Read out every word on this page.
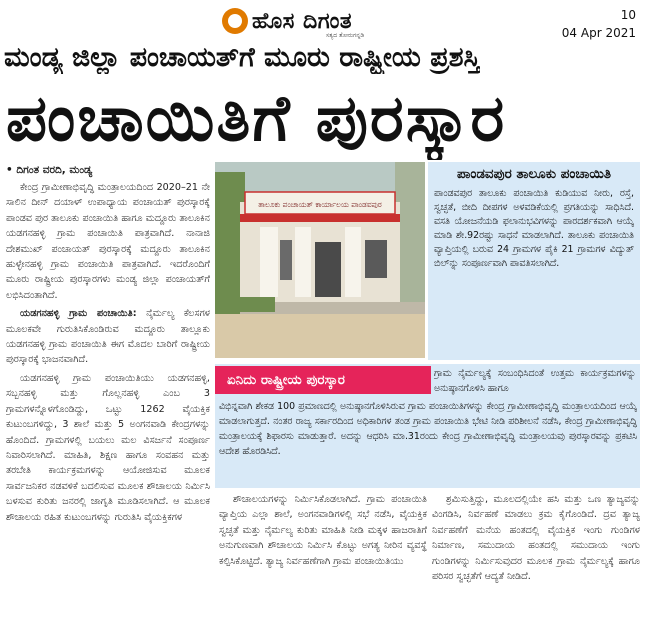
ಹೊಸ ದಿಗಂತ
ಸತ್ಯದ ತೋರುಗನ್ನಡಿ
10
04 Apr 2021
ಮಂಡ್ಯ ಜಿಲ್ಲಾ ಪಂಚಾಯತ್‌ಗೆ ಮೂರು ರಾಷ್ಟ್ರೀಯ ಪ್ರಶಸ್ತಿ
ಪಂಚಾಯಿತಿಗೆ ಪುರಸ್ಕಾರ
• ದಿಗಂತ ವರದಿ, ಮಂಡ್ಯ

ಕೇಂದ್ರ ಗ್ರಾಮೀಣಾಭಿವೃದ್ಧಿ ಮಂತ್ರಾಲಯದಿಂದ 2020–21 ನೇ ಸಾಲಿನ ದೀನ್ ದಯಾಳ್ ಉಪಾಧ್ಯಾಯ ಪಂಚಾಯತ್ ಪುರಸ್ಕಾರಕ್ಕೆ ಪಾಂಡವ ಪುರ ತಾಲೂಕು ಪಂಚಾಯಿತಿ ಹಾಗೂ ಮದ್ದೂರು ತಾಲೂಕಿನ ಯಡಗನಹಳ್ಳಿ ಗ್ರಾಮ ಪಂಚಾಯಿತಿ ಪಾತ್ರವಾಗಿದೆ. ನಾನಾಜಿ ದೇಶಮುಖ್ ಪಂಚಾಯತ್ ಪುರಸ್ಕಾರಕ್ಕೆ ಮದ್ದೂರು ತಾಲೂಕಿನ ಹುಳ್ಳೇನಹಳ್ಳಿ ಗ್ರಾಮ ಪಂಚಾಯಿತಿ ಪಾತ್ರವಾಗಿದೆ. ಇದರೊಂದಿಗೆ ಮೂರು ರಾಷ್ಟ್ರೀಯ ಪುರಸ್ಕಾರಗಳು ಮಂಡ್ಯ ಜಿಲ್ಲಾ ಪಂಚಾಯತ್‌ಗೆ ಲಭಿಸಿದಂತಾಗಿದೆ.

ಯಡಗನಹಳ್ಳಿ ಗ್ರಾಮ ಪಂಚಾಯಿತಿ: ನೈರ್ಮಲ್ಯ ಕೆಲಸಗಳ ಮೂಲಕವೇ ಗುರುತಿಸಿಕೊಂಡಿರುವ ಮದ್ದೂರು ತಾಲ್ಲೂಕು ಯಡಗನಹಳ್ಳಿ ಗ್ರಾಮ ಪಂಚಾಯಿತಿ ಈಗ ಮೊದಲ ಬಾರಿಗೆ ರಾಷ್ಟ್ರೀಯ ಪುರಸ್ಕಾರಕ್ಕೆ ಭಾಜನವಾಗಿದೆ.

ಯಡಗನಹಳ್ಳಿ ಗ್ರಾಮ ಪಂಚಾಯಿತಿಯು ಯಡಗನಹಳ್ಳಿ, ಸಬ್ಬನಹಳ್ಳಿ ಮತ್ತು ಗೊಲ್ಲನಹಳ್ಳಿ ಎಂಬ 3 ಗ್ರಾಮಗಳನ್ನೊಳಗೊಂಡಿದ್ದು, ಒಟ್ಟು 1262 ವೈಯಕ್ತಿಕ ಕುಟುಂಬಗಳಿದ್ದು, 3 ಶಾಲೆ ಮತ್ತು 5 ಅಂಗನವಾಡಿ ಕೇಂದ್ರಗಳನ್ನು ಹೊಂದಿದೆ. ಗ್ರಾಮಗಳಲ್ಲಿ ಬಯಲು ಮಲ ವಿಸರ್ಜನೆ ಸಂಪೂರ್ಣ ನಿವಾರಿಸಲಾಗಿದೆ. ಮಾಹಿತಿ, ಶಿಕ್ಷಣ ಹಾಗೂ ಸಂವಹನ ಮತ್ತು ತರಬೇತಿ ಕಾರ್ಯಕ್ರಮಗಳನ್ನು ಆಯೋಜಿಸುವ ಮೂಲಕ ಸಾರ್ವಜನಿಕರ ನಡವಳಿಕೆ ಬದಲಿಸುವ ಮೂಲಕ ಶೌಚಾಲಯ ನಿರ್ಮಿಸಿ ಬಳಸುವ ಕುರಿತು ಜನರಲ್ಲಿ ಜಾಗೃತಿ ಮೂಡಿಸಲಾಗಿದೆ. ಆ ಮೂಲಕ ಶೌಚಾಲಯ ರಹಿತ ಕುಟುಂಬಗಳನ್ನು ಗುರುತಿಸಿ ವೈಯಕ್ತಿಕಗಳ

ತಾಲೂಕು ಪಂಚಾಯತ್ ಕಾರ್ಯಾಲಯ ಪಾಂಡವಪುರ
ಪಾಂಡವಪುರ ತಾಲೂಕು ಪಂಚಾಯಿತಿ
ಪಾಂಡವಪುರ ತಾಲೂಕು ಪಂಚಾಯಿತಿ ಕುಡಿಯುವ ನೀರು, ರಸ್ತೆ, ಸ್ವಚ್ಛತೆ, ಬೀದಿ ದೀಪಗಳ ಅಳವಡಿಕೆಯಲ್ಲಿ ಪ್ರಗತಿಯನ್ನು ಸಾಧಿಸಿದೆ. ವಸತಿ ಯೋಜನೆಯಡಿ ಫಲಾನುಭವಿಗಳನ್ನು ಪಾರದರ್ಶಕವಾಗಿ ಆಯ್ಕೆ ಮಾಡಿ ಶೇ.92ರಷ್ಟು ಸಾಧನೆ ಮಾಡಲಾಗಿದೆ. ತಾಲೂಕು ಪಂಚಾಯಿತಿ ವ್ಯಾಪ್ತಿಯಲ್ಲಿ ಬರುವ 24 ಗ್ರಾಮಗಳ ಪೈಕಿ 21 ಗ್ರಾಮಗಳ ವಿದ್ಯುತ್ ಬಿಲ್‌ನ್ನು ಸಂಪೂರ್ಣವಾಗಿ ಪಾವತಿಸಲಾಗಿದೆ.
ಏನಿದು ರಾಷ್ಟ್ರೀಯ ಪುರಸ್ಕಾರ	ಗ್ರಾಮ ನೈರ್ಮಲ್ಯಕ್ಕೆ ಸಂಬಂಧಿಸಿದಂತೆ ಉತ್ತಮ ಕಾರ್ಯಕ್ರಮಗಳನ್ನು ಅನುಷ್ಠಾನಗೊಳಿಸಿ ಹಾಗೂ
ವಿಭಿನ್ನವಾಗಿ ಶೇಕಡ 100 ಪ್ರಮಾಣದಲ್ಲಿ ಅನುಷ್ಠಾನಗೊಳಿಸಿರುವ ಗ್ರಾಮ ಪಂಚಾಯಿತಿಗಳನ್ನು ಕೇಂದ್ರ ಗ್ರಾಮೀಣಾಭಿವೃದ್ಧಿ ಮಂತ್ರಾಲಯದಿಂದ ಆಯ್ಕೆ ಮಾಡಲಾಗುತ್ತದೆ. ನಂತರ ರಾಜ್ಯ ಸರ್ಕಾರದಿಂದ ಅಧಿಕಾರಿಗಳ ತಂಡ ಗ್ರಾಮ ಪಂಚಾಯಿತಿ ಭೇಟಿ ನೀಡಿ ಪರಿಶೀಲನೆ ನಡೆಸಿ, ಕೇಂದ್ರ ಗ್ರಾಮೀಣಾಭಿವೃದ್ಧಿ ಮಂತ್ರಾಲಯಕ್ಕೆ ಶಿಫಾರಸು ಮಾಡುತ್ತಾರೆ. ಅದನ್ನು ಆಧರಿಸಿ ಮಾ.31ರಂದು ಕೇಂದ್ರ ಗ್ರಾಮೀಣಾಭಿವೃದ್ಧಿ ಮಂತ್ರಾಲಯವು ಪುರಸ್ಕಾರವನ್ನು ಪ್ರಕಟಿಸಿ ಆದೇಶ ಹೊರಡಿಸಿದೆ.

ಶೌಚಾಲಯಗಳನ್ನು ನಿರ್ಮಿಸಿಕೊಡಲಾಗಿದೆ. ಗ್ರಾಮ ಪಂಚಾಯಿತಿ ವ್ಯಾಪ್ತಿಯ ಎಲ್ಲಾ ಶಾಲೆ, ಅಂಗನವಾಡಿಗಳಲ್ಲಿ ಸಭೆ ನಡೆಸಿ, ವೈಯಕ್ತಿಕ ಸ್ವಚ್ಛತೆ ಮತ್ತು ನೈರ್ಮಲ್ಯ ಕುರಿತು ಮಾಹಿತಿ ನೀಡಿ ಮಕ್ಕಳ ಹಾಜರಾತಿಗೆ ಅನುಗುಣವಾಗಿ ಶೌಚಾಲಯ ನಿರ್ಮಿಸಿ ಕೊಟ್ಟು ಅಗತ್ಯ ನೀರಿನ ವ್ಯವಸ್ಥೆ ಕಲ್ಪಿಸಿಕೊಟ್ಟಿದೆ. ತ್ಯಾಜ್ಯ ನಿರ್ವಹಣೆಗಾಗಿ ಗ್ರಾಮ ಪಂಚಾಯಿತಿಯು

ಶ್ರಮಿಸುತ್ತಿದ್ದು, ಮೂಲದಲ್ಲಿಯೇ ಹಸಿ ಮತ್ತು ಒಣ ತ್ಯಾಜ್ಯವನ್ನು ವಿಂಗಡಿಸಿ, ನಿರ್ವಹಣೆ ಮಾಡಲು ಕ್ರಮ ಕೈಗೊಂಡಿದೆ. ದ್ರವ ತ್ಯಾಜ್ಯ ನಿರ್ವಹಣೆಗೆ ಮನೆಯ ಹಂತದಲ್ಲಿ ವೈಯಕ್ತಿಕ ಇಂಗು ಗುಂಡಿಗಳ ನಿರ್ಮಾಣ, ಸಮುದಾಯ ಹಂತದಲ್ಲಿ ಸಮುದಾಯ ಇಂಗು ಗುಂಡಿಗಳನ್ನು ನಿರ್ಮಿಸುವುದರ ಮೂಲಕ ಗ್ರಾಮ ನೈರ್ಮಲ್ಯಕ್ಕೆ ಹಾಗೂ ಪರಿಸರ ಸ್ವಚ್ಛತೆಗೆ ಆದ್ಯತೆ ನೀಡಿದೆ.
